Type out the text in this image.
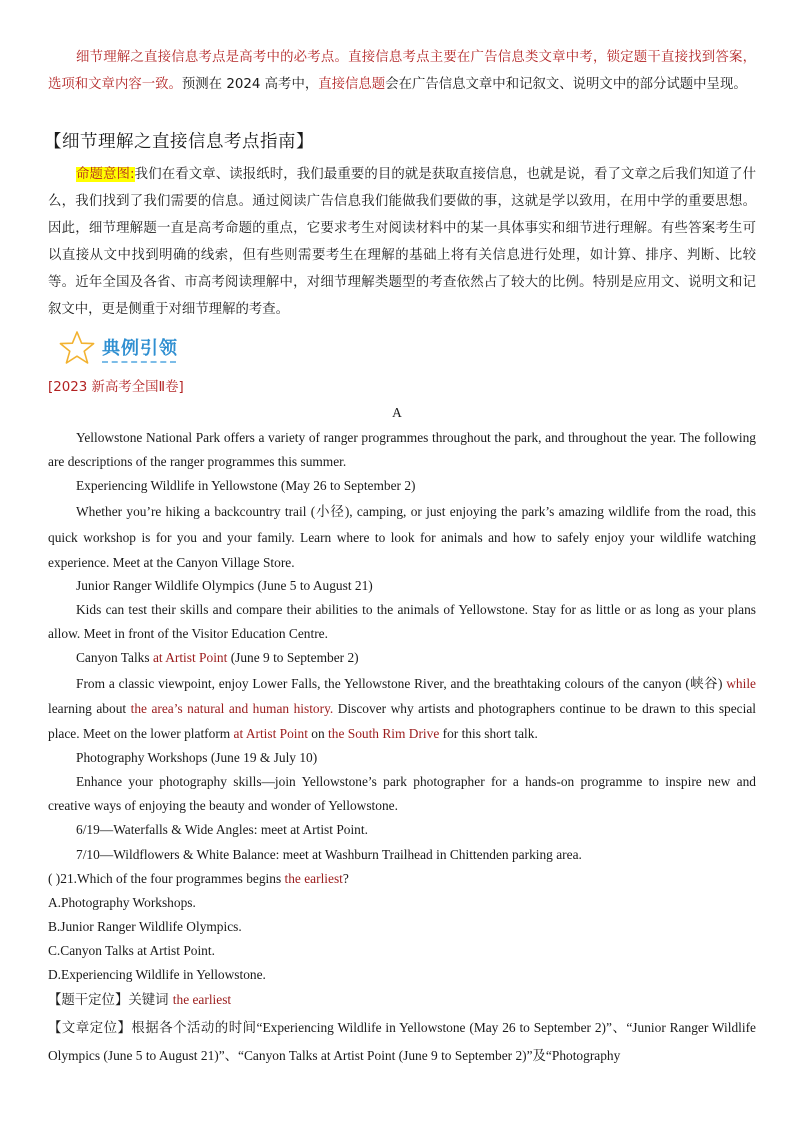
细节理解之直接信息考点是高考中的必考点。直接信息考点主要在广告信息类文章中考，锁定题干直接找到答案，选项和文章内容一致。预测在 2024 高考中，直接信息题会在广告信息文章中和记叙文、说明文中的部分试题中呈现。

【细节理解之直接信息考点指南】

命题意图:我们在看文章、读报纸时，我们最重要的目的就是获取直接信息，也就是说，看了文章之后我们知道了什么，我们找到了我们需要的信息。通过阅读广告信息我们能做我们要做的事，这就是学以致用，在用中学的重要思想。因此，细节理解题一直是高考命题的重点，它要求考生对阅读材料中的某一具体事实和细节进行理解。有些答案考生可以直接从文中找到明确的线索，但有些则需要考生在理解的基础上将有关信息进行处理，如计算、排序、判断、比较等。近年全国及各省、市高考阅读理解中，对细节理解类题型的考查依然占了较大的比例。特别是应用文、说明文和记叙文中，更是侧重于对细节理解的考查。

典例引领

[2023 新高考全国Ⅱ卷]

A

Yellowstone National Park offers a variety of ranger programmes throughout the park, and throughout the year. The following are descriptions of the ranger programmes this summer.

Experiencing Wildlife in Yellowstone (May 26 to September 2)

Whether you’re hiking a backcountry trail (小径), camping, or just enjoying the park’s amazing wildlife from the road, this quick workshop is for you and your family. Learn where to look for animals and how to safely enjoy your wildlife watching experience. Meet at the Canyon Village Store.

Junior Ranger Wildlife Olympics (June 5 to August 21)

Kids can test their skills and compare their abilities to the animals of Yellowstone. Stay for as little or as long as your plans allow. Meet in front of the Visitor Education Centre.

Canyon Talks at Artist Point (June 9 to September 2)

From a classic viewpoint, enjoy Lower Falls, the Yellowstone River, and the breathtaking colours of the canyon (峡谷) while learning about the area’s natural and human history. Discover why artists and photographers continue to be drawn to this special place. Meet on the lower platform at Artist Point on the South Rim Drive for this short talk.

Photography Workshops (June 19 & July 10)

Enhance your photography skills—join Yellowstone’s park photographer for a hands-on programme to inspire new and creative ways of enjoying the beauty and wonder of Yellowstone.

6/19—Waterfalls & Wide Angles: meet at Artist Point.

7/10—Wildflowers & White Balance: meet at Washburn Trailhead in Chittenden parking area.

( )21.Which of the four programmes begins the earliest?

A.Photography Workshops.

B.Junior Ranger Wildlife Olympics.

C.Canyon Talks at Artist Point.

D.Experiencing Wildlife in Yellowstone.

【题干定位】关键词 the earliest

【文章定位】根据各个活动的时间“Experiencing Wildlife in Yellowstone (May 26 to September 2)”、“Junior Ranger Wildlife Olympics (June 5 to August 21)”、“Canyon Talks at Artist Point (June 9 to September 2)”及“Photography
